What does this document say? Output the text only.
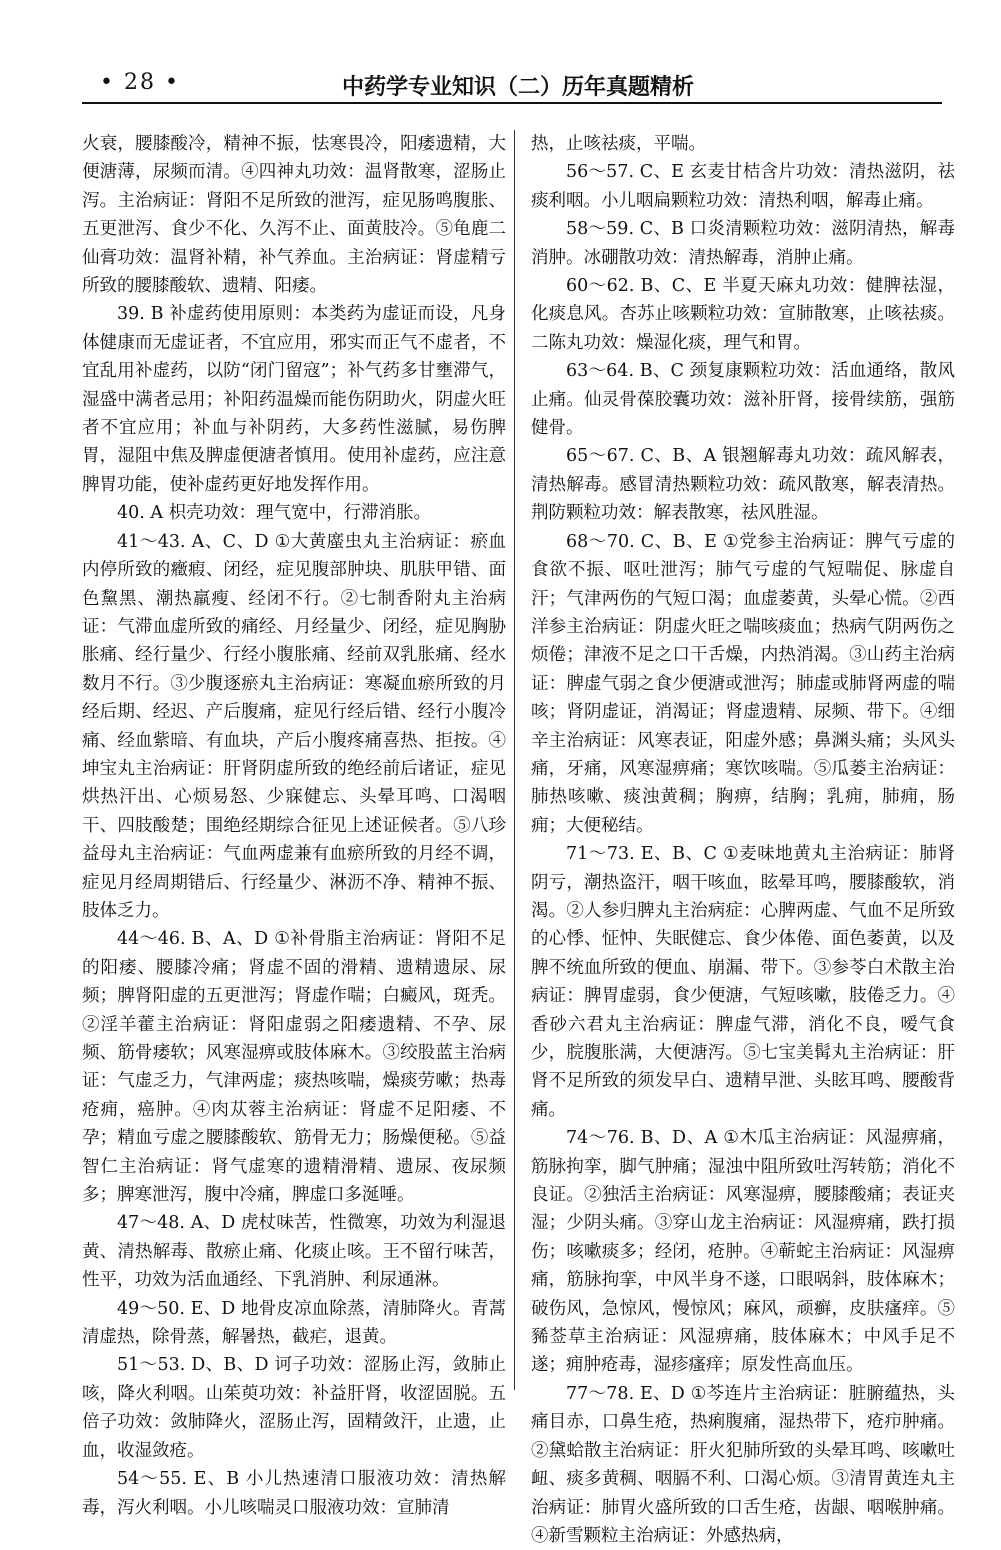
• 28 •	中药学专业知识（二）历年真题精析

火衰，腰膝酸冷，精神不振，怯寒畏冷，阳痿遗精，大便溏薄，尿频而清。④四神丸功效：温肾散寒，涩肠止泻。主治病证：肾阳不足所致的泄泻，症见肠鸣腹胀、五更泄泻、食少不化、久泻不止、面黄肢冷。⑤龟鹿二仙膏功效：温肾补精，补气养血。主治病证：肾虚精亏所致的腰膝酸软、遗精、阳痿。

39. B 补虚药使用原则：本类药为虚证而设，凡身体健康而无虚证者，不宜应用，邪实而正气不虚者，不宜乱用补虚药，以防“闭门留寇”；补气药多甘壅滞气，湿盛中满者忌用；补阳药温燥而能伤阴助火，阴虚火旺者不宜应用；补血与补阴药，大多药性滋腻，易伤脾胃，湿阻中焦及脾虚便溏者慎用。使用补虚药，应注意脾胃功能，使补虚药更好地发挥作用。

40. A 枳壳功效：理气宽中，行滞消胀。

41～43. A、C、D ①大黄䗪虫丸主治病证：瘀血内停所致的癥瘕、闭经，症见腹部肿块、肌肤甲错、面色黧黑、潮热羸瘦、经闭不行。②七制香附丸主治病证：气滞血虚所致的痛经、月经量少、闭经，症见胸胁胀痛、经行量少、行经小腹胀痛、经前双乳胀痛、经水数月不行。③少腹逐瘀丸主治病证：寒凝血瘀所致的月经后期、经迟、产后腹痛，症见行经后错、经行小腹冷痛、经血紫暗、有血块，产后小腹疼痛喜热、拒按。④坤宝丸主治病证：肝肾阴虚所致的绝经前后诸证，症见烘热汗出、心烦易怒、少寐健忘、头晕耳鸣、口渴咽干、四肢酸楚；围绝经期综合征见上述证候者。⑤八珍益母丸主治病证：气血两虚兼有血瘀所致的月经不调，症见月经周期错后、行经量少、淋沥不净、精神不振、肢体乏力。

44～46. B、A、D ①补骨脂主治病证：肾阳不足的阳痿、腰膝冷痛；肾虚不固的滑精、遗精遗尿、尿频；脾肾阳虚的五更泄泻；肾虚作喘；白癜风，斑秃。②淫羊藿主治病证：肾阳虚弱之阳痿遗精、不孕、尿频、筋骨痿软；风寒湿痹或肢体麻木。③绞股蓝主治病证：气虚乏力，气津两虚；痰热咳喘，燥痰劳嗽；热毒疮痈，癌肿。④肉苁蓉主治病证：肾虚不足阳痿、不孕；精血亏虚之腰膝酸软、筋骨无力；肠燥便秘。⑤益智仁主治病证：肾气虚寒的遗精滑精、遗尿、夜尿频多；脾寒泄泻，腹中冷痛，脾虚口多涎唾。

47～48. A、D 虎杖味苦，性微寒，功效为利湿退黄、清热解毒、散瘀止痛、化痰止咳。王不留行味苦，性平，功效为活血通经、下乳消肿、利尿通淋。

49～50. E、D 地骨皮凉血除蒸，清肺降火。青蒿清虚热，除骨蒸，解暑热，截疟，退黄。

51～53. D、B、D 诃子功效：涩肠止泻，敛肺止咳，降火利咽。山茱萸功效：补益肝肾，收涩固脱。五倍子功效：敛肺降火，涩肠止泻，固精敛汗，止遗，止血，收湿敛疮。

54～55. E、B 小儿热速清口服液功效：清热解毒，泻火利咽。小儿咳喘灵口服液功效：宣肺清

热，止咳祛痰，平喘。

56～57. C、E 玄麦甘桔含片功效：清热滋阴，祛痰利咽。小儿咽扁颗粒功效：清热利咽，解毒止痛。

58～59. C、B 口炎清颗粒功效：滋阴清热，解毒消肿。冰硼散功效：清热解毒，消肿止痛。

60～62. B、C、E 半夏天麻丸功效：健脾祛湿，化痰息风。杏苏止咳颗粒功效：宣肺散寒，止咳祛痰。二陈丸功效：燥湿化痰，理气和胃。

63～64. B、C 颈复康颗粒功效：活血通络，散风止痛。仙灵骨葆胶囊功效：滋补肝肾，接骨续筋，强筋健骨。

65～67. C、B、A 银翘解毒丸功效：疏风解表，清热解毒。感冒清热颗粒功效：疏风散寒，解表清热。荆防颗粒功效：解表散寒，祛风胜湿。

68～70. C、B、E ①党参主治病证：脾气亏虚的食欲不振、呕吐泄泻；肺气亏虚的气短喘促、脉虚自汗；气津两伤的气短口渴；血虚萎黄，头晕心慌。②西洋参主治病证：阴虚火旺之喘咳痰血；热病气阴两伤之烦倦；津液不足之口干舌燥，内热消渴。③山药主治病证：脾虚气弱之食少便溏或泄泻；肺虚或肺肾两虚的喘咳；肾阴虚证，消渴证；肾虚遗精、尿频、带下。④细辛主治病证：风寒表证，阳虚外感；鼻渊头痛；头风头痛，牙痛，风寒湿痹痛；寒饮咳喘。⑤瓜蒌主治病证：肺热咳嗽、痰浊黄稠；胸痹，结胸；乳痈，肺痈，肠痈；大便秘结。

71～73. E、B、C ①麦味地黄丸主治病证：肺肾阴亏，潮热盗汗，咽干咳血，眩晕耳鸣，腰膝酸软，消渴。②人参归脾丸主治病症：心脾两虚、气血不足所致的心悸、怔忡、失眠健忘、食少体倦、面色萎黄，以及脾不统血所致的便血、崩漏、带下。③参苓白术散主治病证：脾胃虚弱，食少便溏，气短咳嗽，肢倦乏力。④香砂六君丸主治病证：脾虚气滞，消化不良，嗳气食少，脘腹胀满，大便溏泻。⑤七宝美髯丸主治病证：肝肾不足所致的须发早白、遗精早泄、头眩耳鸣、腰酸背痛。

74～76. B、D、A ①木瓜主治病证：风湿痹痛，筋脉拘挛，脚气肿痛；湿浊中阻所致吐泻转筋；消化不良证。②独活主治病证：风寒湿痹，腰膝酸痛；表证夹湿；少阴头痛。③穿山龙主治病证：风湿痹痛，跌打损伤；咳嗽痰多；经闭，疮肿。④蕲蛇主治病证：风湿痹痛，筋脉拘挛，中风半身不遂，口眼㖞斜，肢体麻木；破伤风，急惊风，慢惊风；麻风，顽癣，皮肤瘙痒。⑤豨莶草主治病证：风湿痹痛，肢体麻木；中风手足不遂；痈肿疮毒，湿疹瘙痒；原发性高血压。

77～78. E、D ①芩连片主治病证：脏腑蕴热，头痛目赤，口鼻生疮，热痢腹痛，湿热带下，疮疖肿痛。②黛蛤散主治病证：肝火犯肺所致的头晕耳鸣、咳嗽吐衄、痰多黄稠、咽膈不利、口渴心烦。③清胃黄连丸主治病证：肺胃火盛所致的口舌生疮，齿龈、咽喉肿痛。④新雪颗粒主治病证：外感热病，
